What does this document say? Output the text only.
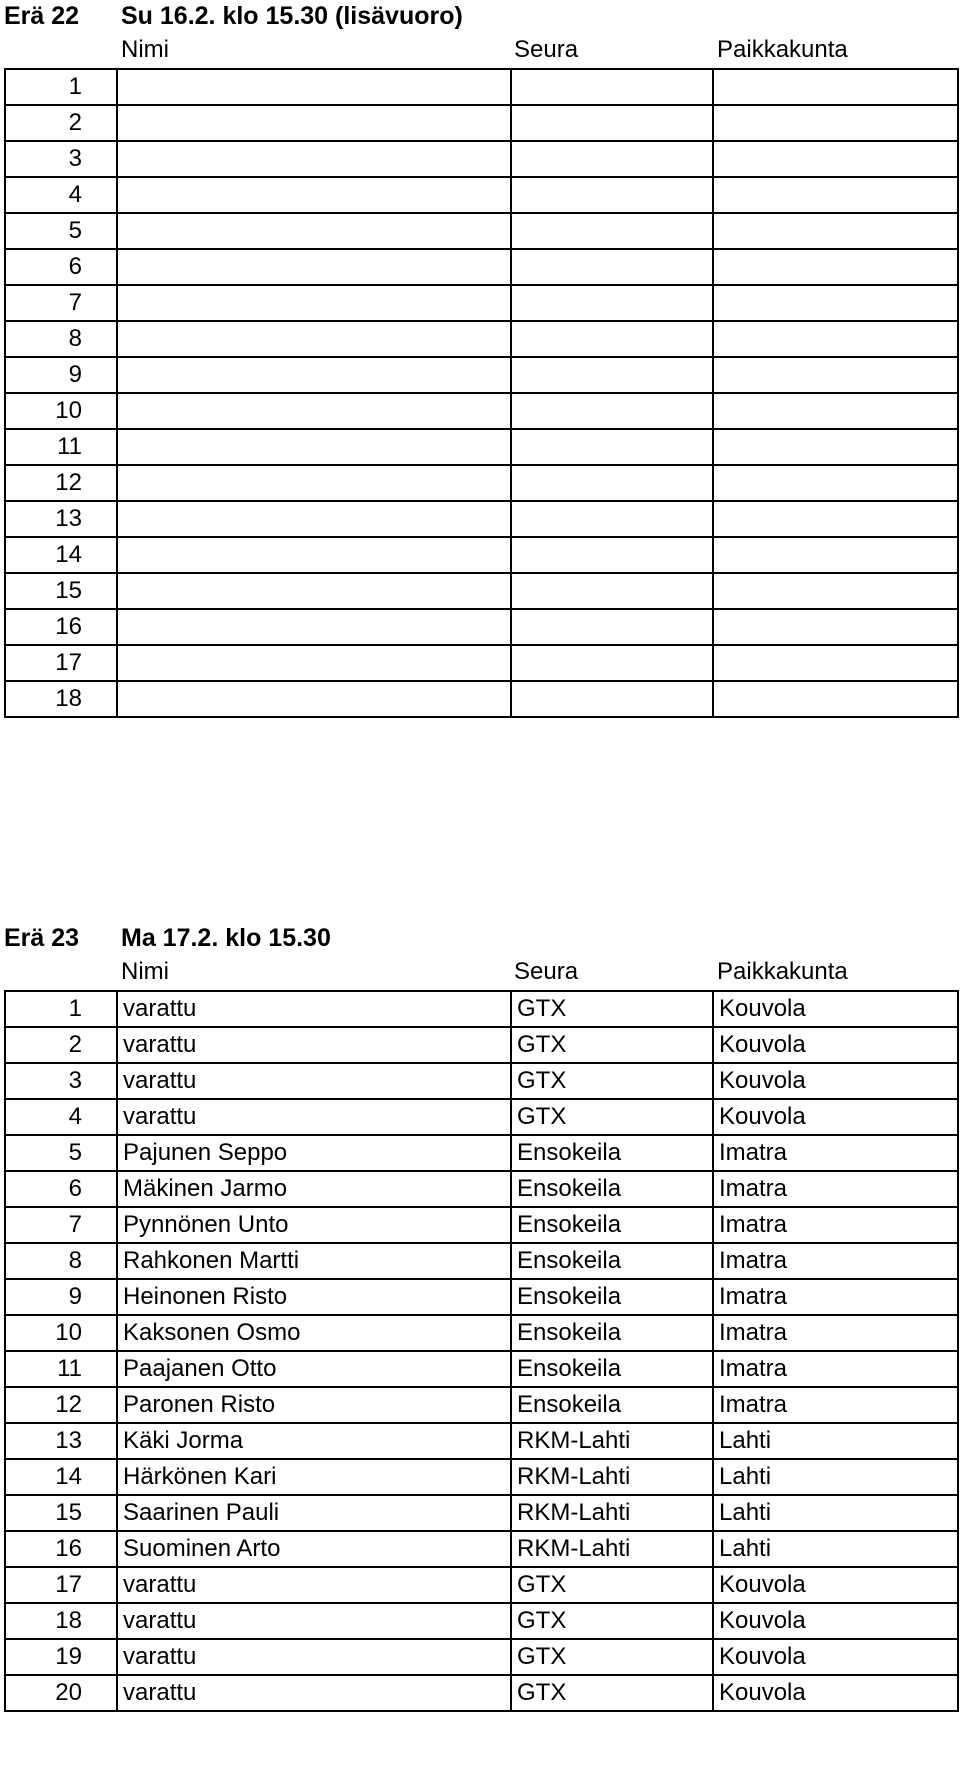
Erä 22 Su 16.2. klo 15.30 (lisävuoro)
Nimi	Seura	Paikkakunta
1			
2			
3			
4			
5			
6			
7			
8			
9			
10			
11			
12			
13			
14			
15			
16			
17			
18			
Erä 23 Ma 17.2. klo 15.30
Nimi	Seura	Paikkakunta
1	varattu	GTX	Kouvola
2	varattu	GTX	Kouvola
3	varattu	GTX	Kouvola
4	varattu	GTX	Kouvola
5	Pajunen Seppo	Ensokeila	Imatra
6	Mäkinen Jarmo	Ensokeila	Imatra
7	Pynnönen Unto	Ensokeila	Imatra
8	Rahkonen Martti	Ensokeila	Imatra
9	Heinonen Risto	Ensokeila	Imatra
10	Kaksonen Osmo	Ensokeila	Imatra
11	Paajanen Otto	Ensokeila	Imatra
12	Paronen Risto	Ensokeila	Imatra
13	Käki Jorma	RKM-Lahti	Lahti
14	Härkönen Kari	RKM-Lahti	Lahti
15	Saarinen Pauli	RKM-Lahti	Lahti
16	Suominen Arto	RKM-Lahti	Lahti
17	varattu	GTX	Kouvola
18	varattu	GTX	Kouvola
19	varattu	GTX	Kouvola
20	varattu	GTX	Kouvola
